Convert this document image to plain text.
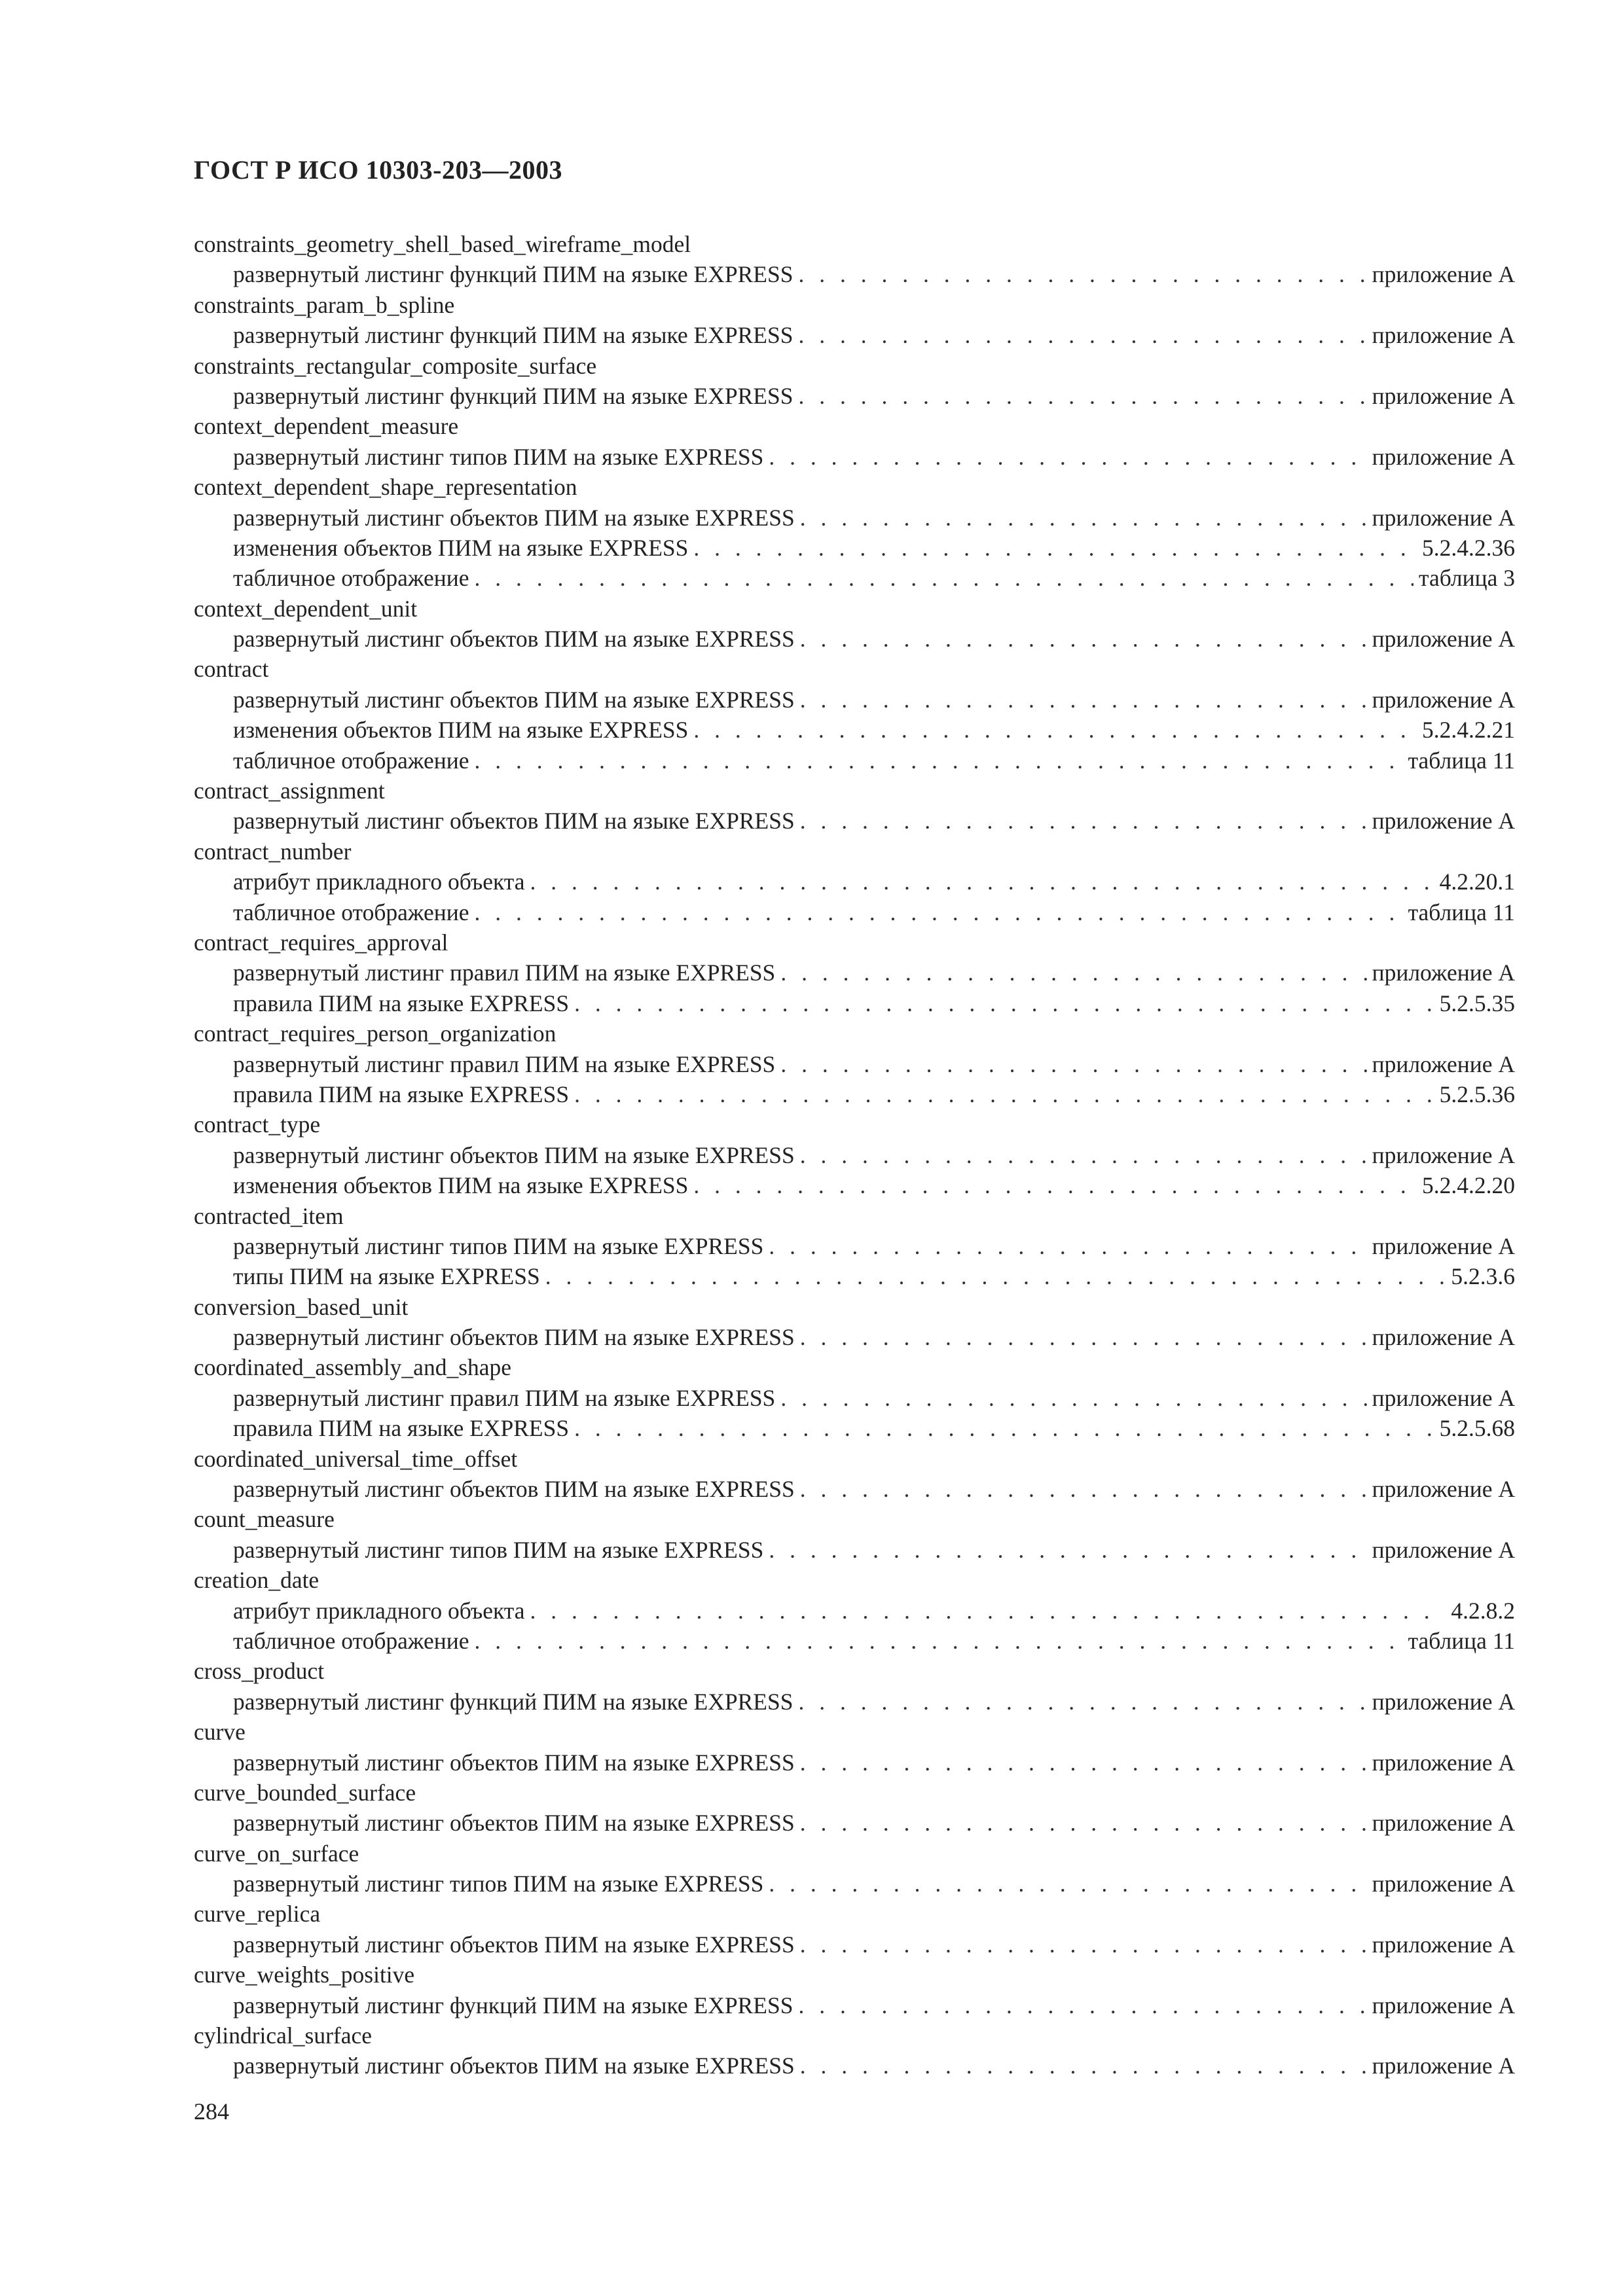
ГОСТ Р ИСО 10303-203—2003
constraints_geometry_shell_based_wireframe_model
развернутый листинг функций ПИМ на языке EXPRESS . . .	приложение А
constraints_param_b_spline
развернутый листинг функций ПИМ на языке EXPRESS . . .	приложение А
constraints_rectangular_composite_surface
развернутый листинг функций ПИМ на языке EXPRESS . . .	приложение А
context_dependent_measure
развернутый листинг типов ПИМ на языке EXPRESS . . .	приложение А
context_dependent_shape_representation
развернутый листинг объектов ПИМ на языке EXPRESS . . .	приложение А
изменения объектов ПИМ на языке EXPRESS . . .	5.2.4.2.36
табличное отображение . . .	таблица 3
context_dependent_unit
развернутый листинг объектов ПИМ на языке EXPRESS . . .	приложение А
contract
развернутый листинг объектов ПИМ на языке EXPRESS . . .	приложение А
изменения объектов ПИМ на языке EXPRESS . . .	5.2.4.2.21
табличное отображение . . .	таблица 11
contract_assignment
развернутый листинг объектов ПИМ на языке EXPRESS . . .	приложение А
contract_number
атрибут прикладного объекта . . .	4.2.20.1
табличное отображение . . .	таблица 11
contract_requires_approval
развернутый листинг правил ПИМ на языке EXPRESS . . .	приложение А
правила ПИМ на языке EXPRESS . . .	5.2.5.35
contract_requires_person_organization
развернутый листинг правил ПИМ на языке EXPRESS . . .	приложение А
правила ПИМ на языке EXPRESS . . .	5.2.5.36
contract_type
развернутый листинг объектов ПИМ на языке EXPRESS . . .	приложение А
изменения объектов ПИМ на языке EXPRESS . . .	5.2.4.2.20
contracted_item
развернутый листинг типов ПИМ на языке EXPRESS . . .	приложение А
типы ПИМ на языке EXPRESS . . .	5.2.3.6
conversion_based_unit
развернутый листинг объектов ПИМ на языке EXPRESS . . .	приложение А
coordinated_assembly_and_shape
развернутый листинг правил ПИМ на языке EXPRESS . . .	приложение А
правила ПИМ на языке EXPRESS . . .	5.2.5.68
coordinated_universal_time_offset
развернутый листинг объектов ПИМ на языке EXPRESS . . .	приложение А
count_measure
развернутый листинг типов ПИМ на языке EXPRESS . . .	приложение А
creation_date
атрибут прикладного объекта . . .	4.2.8.2
табличное отображение . . .	таблица 11
cross_product
развернутый листинг функций ПИМ на языке EXPRESS . . .	приложение А
curve
развернутый листинг объектов ПИМ на языке EXPRESS . . .	приложение А
curve_bounded_surface
развернутый листинг объектов ПИМ на языке EXPRESS . . .	приложение А
curve_on_surface
развернутый листинг типов ПИМ на языке EXPRESS . . .	приложение А
curve_replica
развернутый листинг объектов ПИМ на языке EXPRESS . . .	приложение А
curve_weights_positive
развернутый листинг функций ПИМ на языке EXPRESS . . .	приложение А
cylindrical_surface
развернутый листинг объектов ПИМ на языке EXPRESS . . .	приложение А
284
